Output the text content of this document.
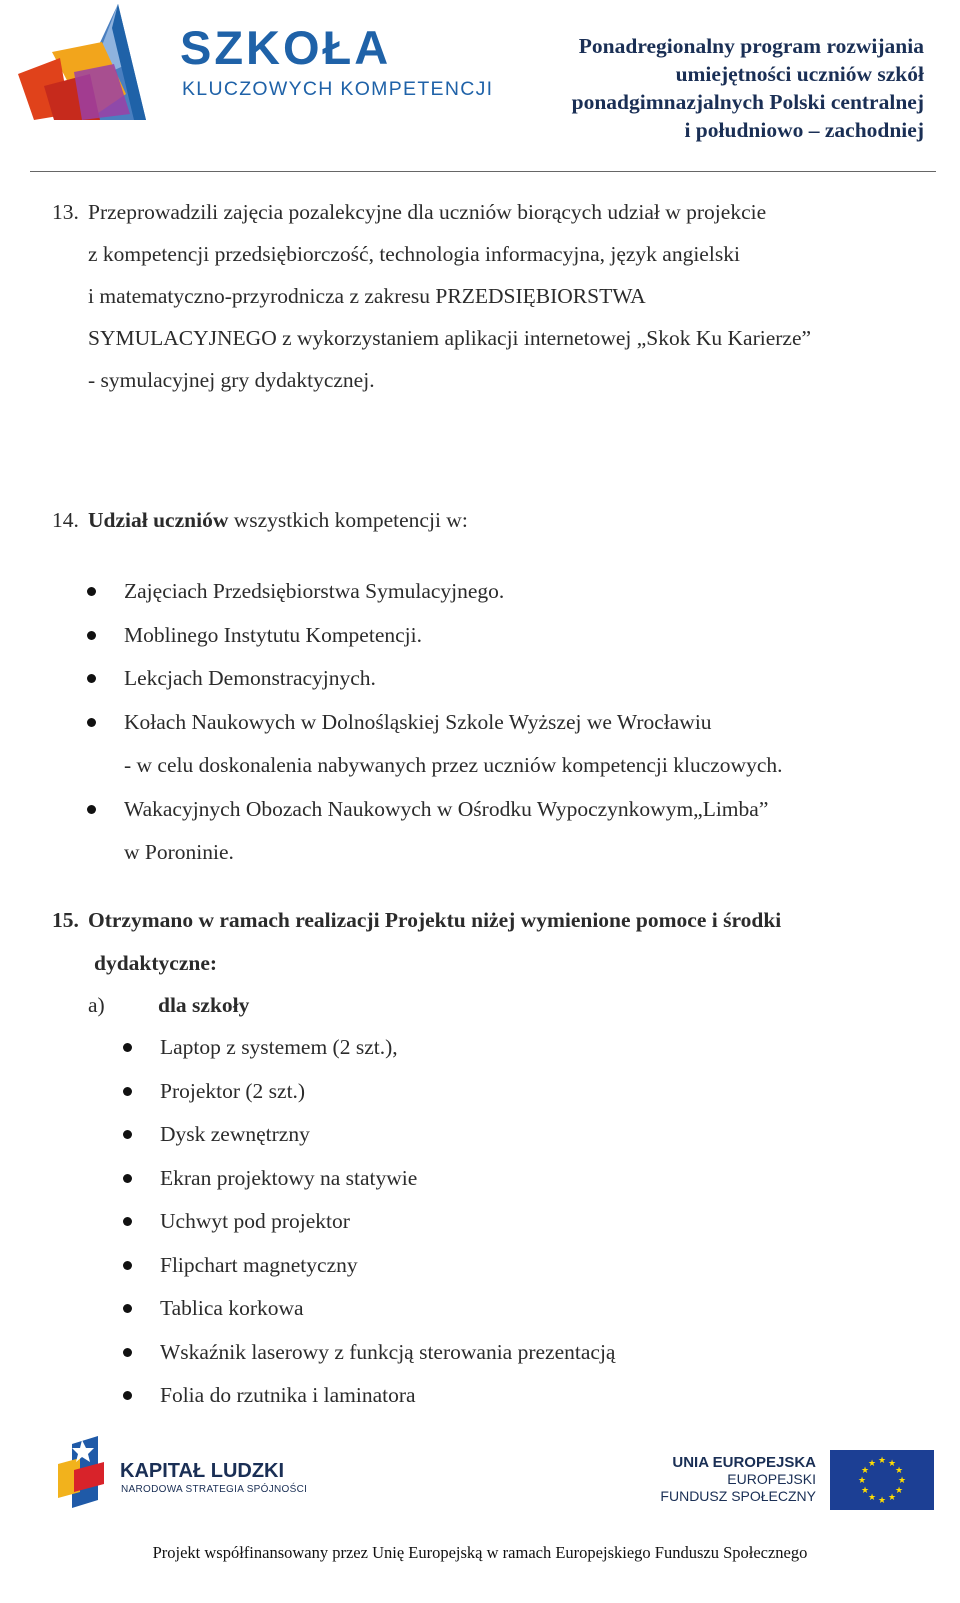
SZKOŁA
KLUCZOWYCH KOMPETENCJI
Ponadregionalny program rozwijania
umiejętności uczniów szkół
ponadgimnazjalnych Polski centralnej
i południowo – zachodniej
13. Przeprowadzili zajęcia pozalekcyjne dla uczniów biorących udział w projekcie
z kompetencji przedsiębiorczość, technologia informacyjna, język angielski
i matematyczno-przyrodnicza z zakresu PRZEDSIĘBIORSTWA
SYMULACYJNEGO z wykorzystaniem aplikacji internetowej „Skok Ku Karierze”
- symulacyjnej gry dydaktycznej.
14. Udział uczniów wszystkich kompetencji w:
Zajęciach Przedsiębiorstwa Symulacyjnego.
Moblinego Instytutu Kompetencji.
Lekcjach Demonstracyjnych.
Kołach Naukowych w Dolnośląskiej Szkole Wyższej we Wrocławiu
- w celu doskonalenia nabywanych przez uczniów kompetencji kluczowych.
Wakacyjnych Obozach Naukowych w Ośrodku Wypoczynkowym„Limba”
w Poroninie.
15. Otrzymano w ramach realizacji Projektu niżej wymienione pomoce i środki
dydaktyczne:
a) dla szkoły
Laptop z systemem (2 szt.),
Projektor (2 szt.)
Dysk zewnętrzny
Ekran projektowy na statywie
Uchwyt pod projektor
Flipchart magnetyczny
Tablica korkowa
Wskaźnik laserowy z funkcją sterowania prezentacją
Folia do rzutnika i laminatora
KAPITAŁ LUDZKI
NARODOWA STRATEGIA SPÓJNOŚCI
UNIA EUROPEJSKA
EUROPEJSKI
FUNDUSZ SPOŁECZNY
★ ★
★
★
★
★
★
★
★
★
★
★
Projekt współfinansowany przez Unię Europejską w ramach Europejskiego Funduszu Społecznego
